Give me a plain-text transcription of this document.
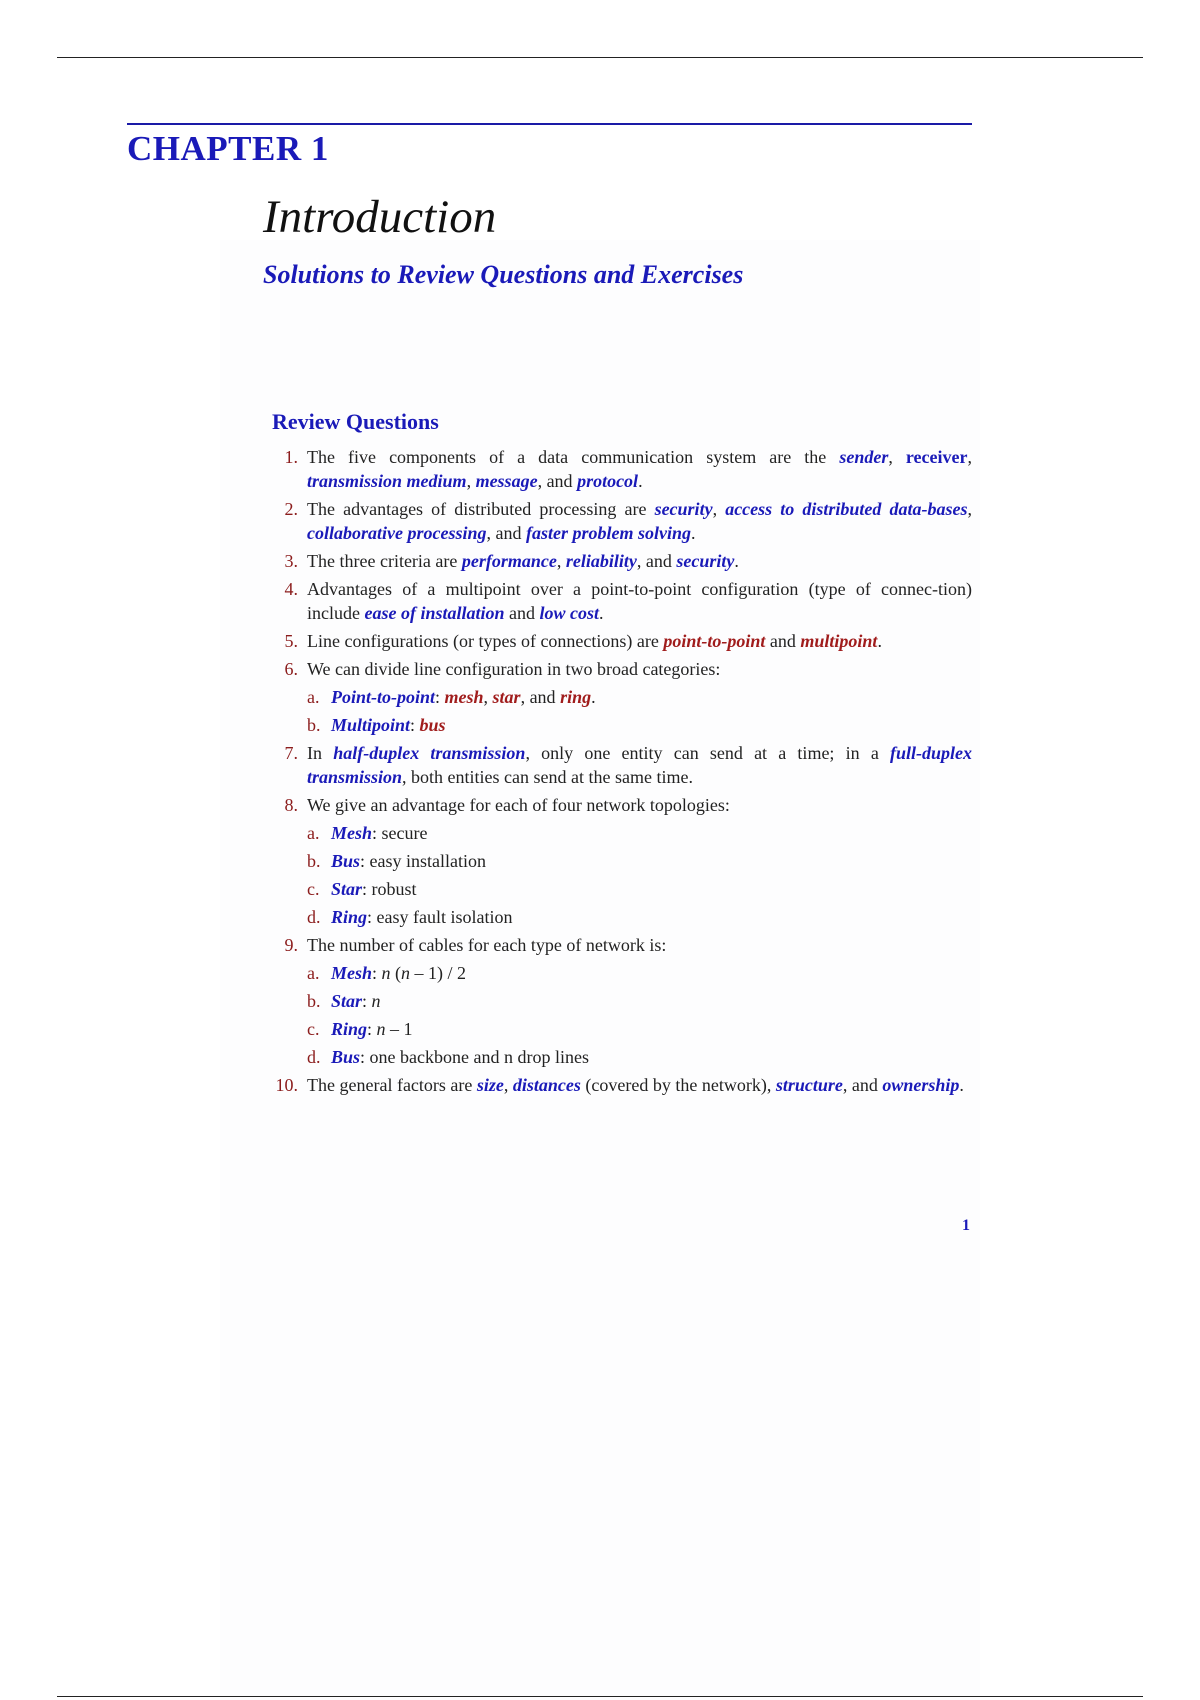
CHAPTER 1
Introduction
Solutions to Review Questions and Exercises
Review Questions
1. The five components of a data communication system are the sender, receiver, transmission medium, message, and protocol.
2. The advantages of distributed processing are security, access to distributed data-bases, collaborative processing, and faster problem solving.
3. The three criteria are performance, reliability, and security.
4. Advantages of a multipoint over a point-to-point configuration (type of connec-tion) include ease of installation and low cost.
5. Line configurations (or types of connections) are point-to-point and multipoint.
6. We can divide line configuration in two broad categories:
a. Point-to-point: mesh, star, and ring.
b. Multipoint: bus
7. In half-duplex transmission, only one entity can send at a time; in a full-duplex transmission, both entities can send at the same time.
8. We give an advantage for each of four network topologies:
a. Mesh: secure
b. Bus: easy installation
c. Star: robust
d. Ring: easy fault isolation
9. The number of cables for each type of network is:
a. Mesh: n (n – 1) / 2
b. Star: n
c. Ring: n – 1
d. Bus: one backbone and n drop lines
10. The general factors are size, distances (covered by the network), structure, and ownership.
1
